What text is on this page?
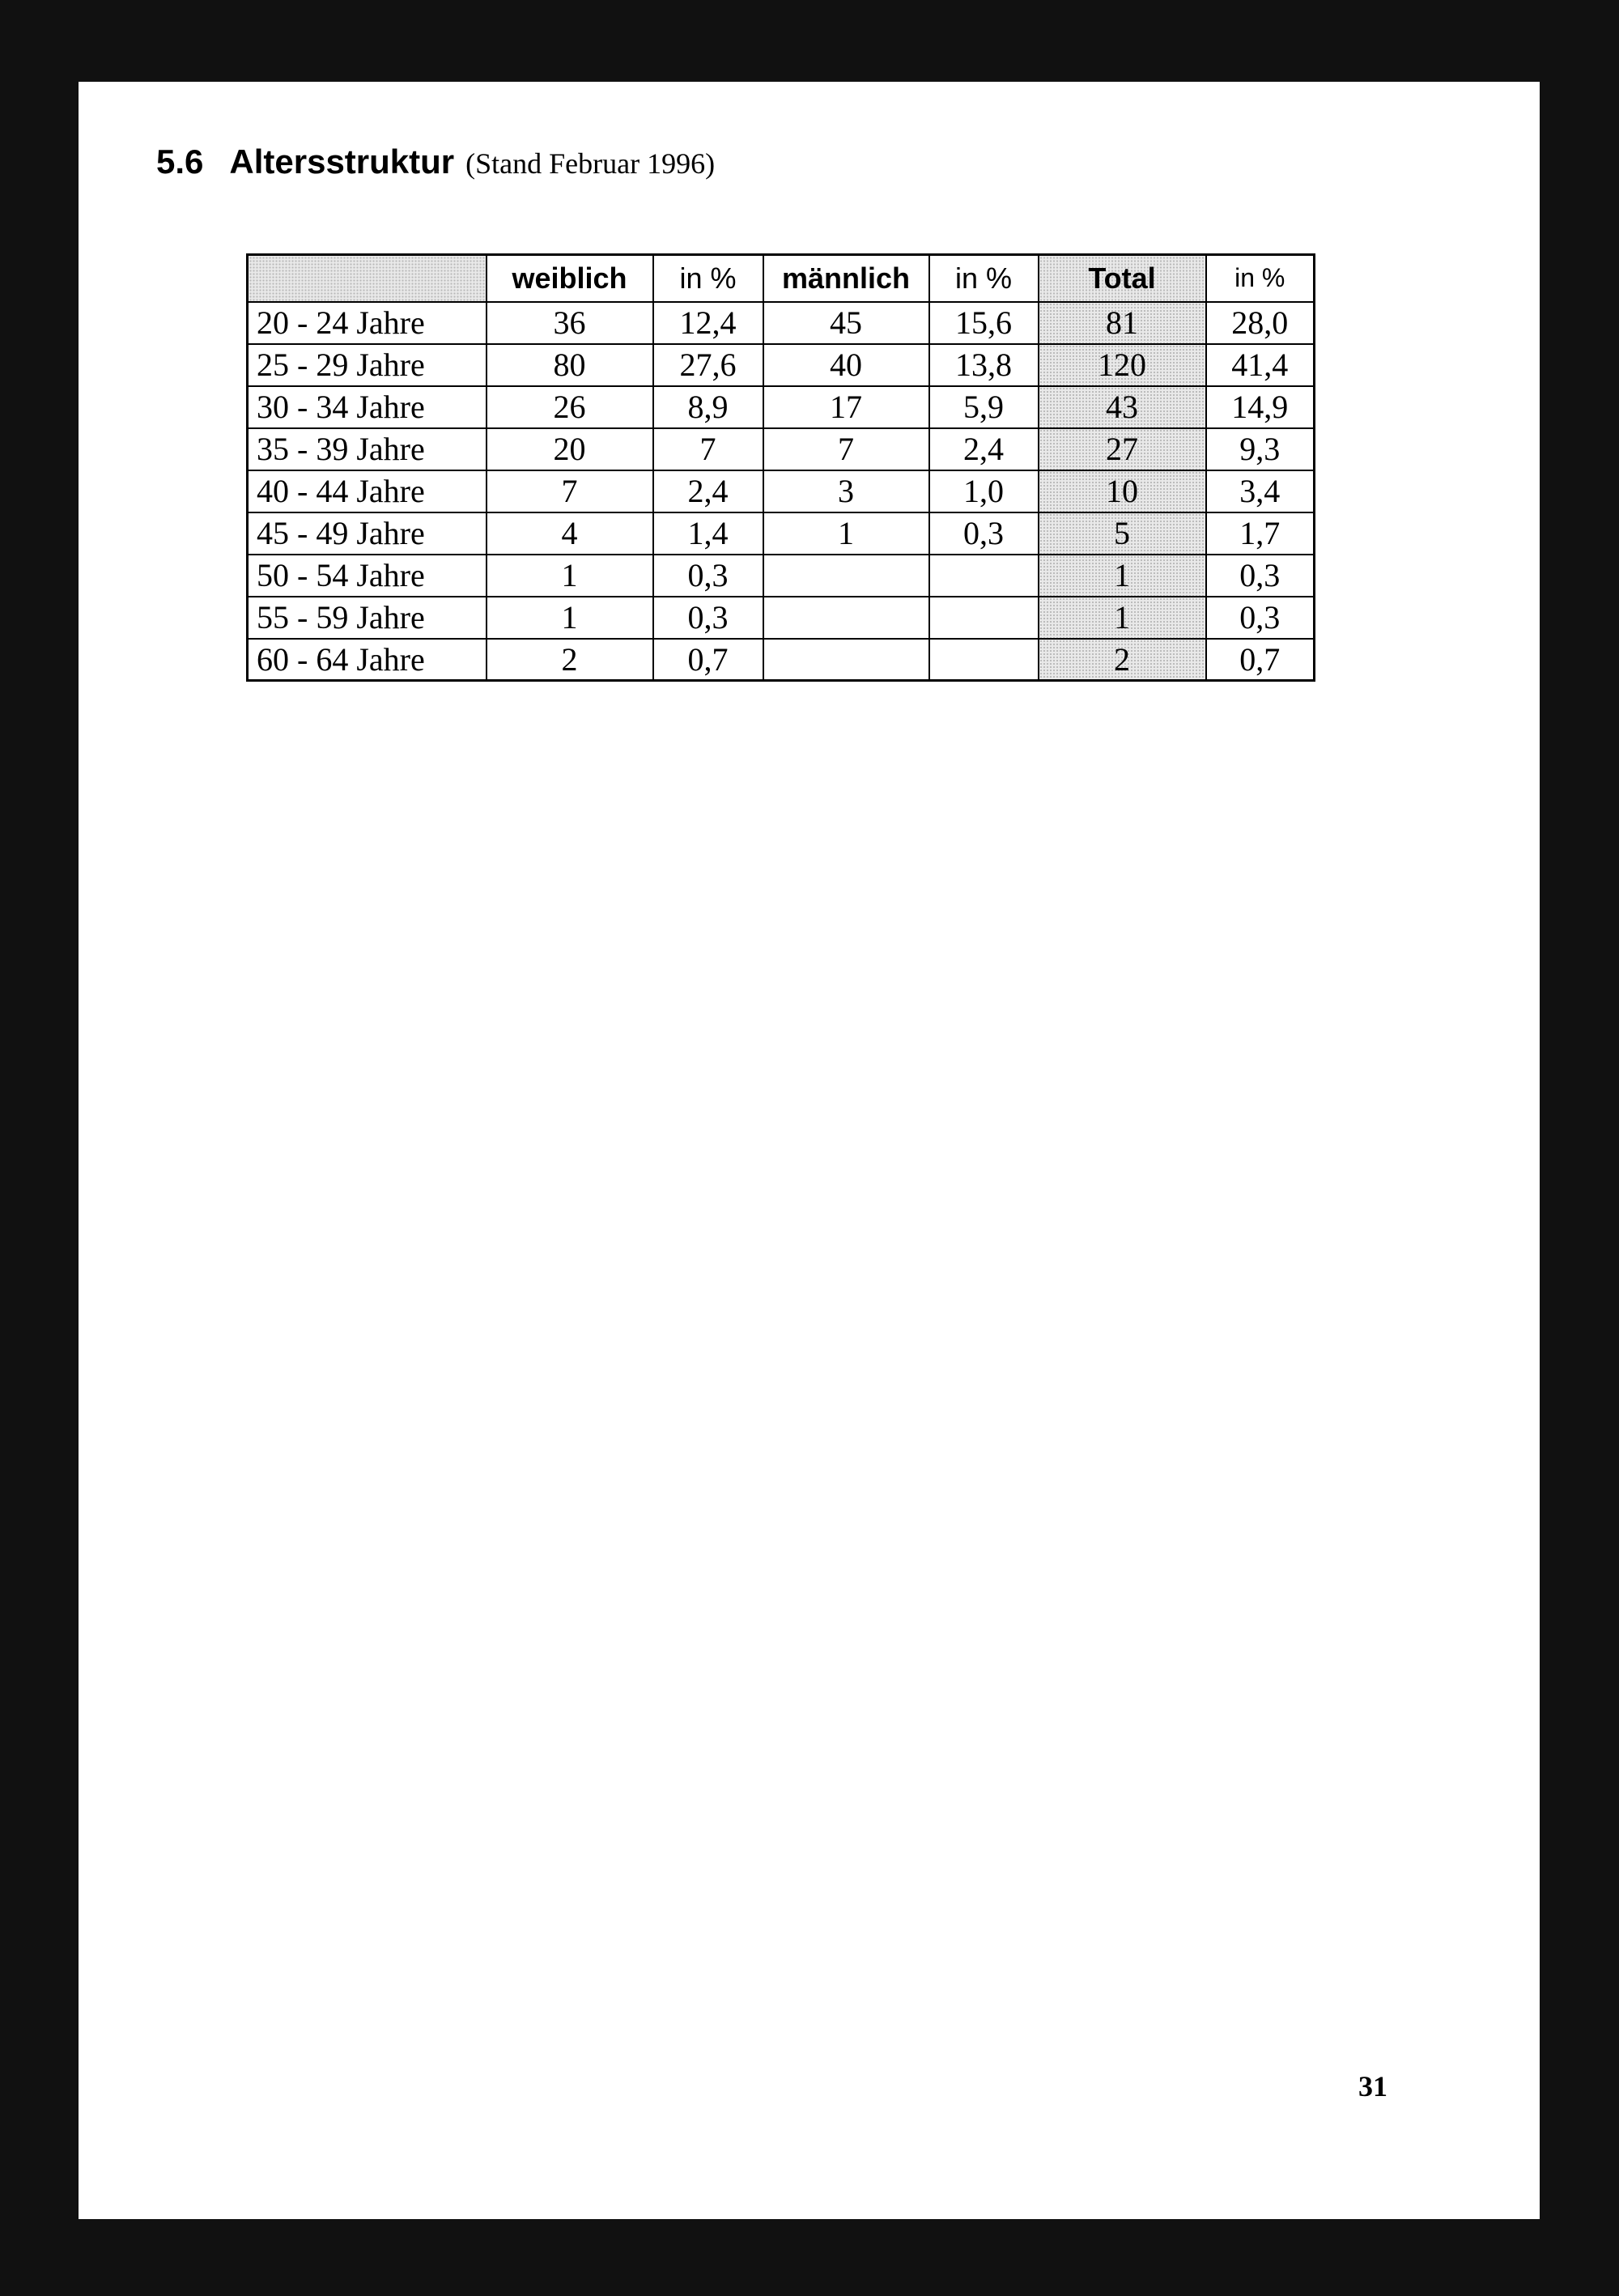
5.6 Altersstruktur (Stand Februar 1996)
	weiblich	in %	männlich	in %	Total	in %
20 - 24 Jahre	36	12,4	45	15,6	81	28,0
25 - 29 Jahre	80	27,6	40	13,8	120	41,4
30 - 34 Jahre	26	8,9	17	5,9	43	14,9
35 - 39 Jahre	20	7	7	2,4	27	9,3
40 - 44 Jahre	7	2,4	3	1,0	10	3,4
45 - 49 Jahre	4	1,4	1	0,3	5	1,7
50 - 54 Jahre	1	0,3			1	0,3
55 - 59 Jahre	1	0,3			1	0,3
60 - 64 Jahre	2	0,7			2	0,7
31
